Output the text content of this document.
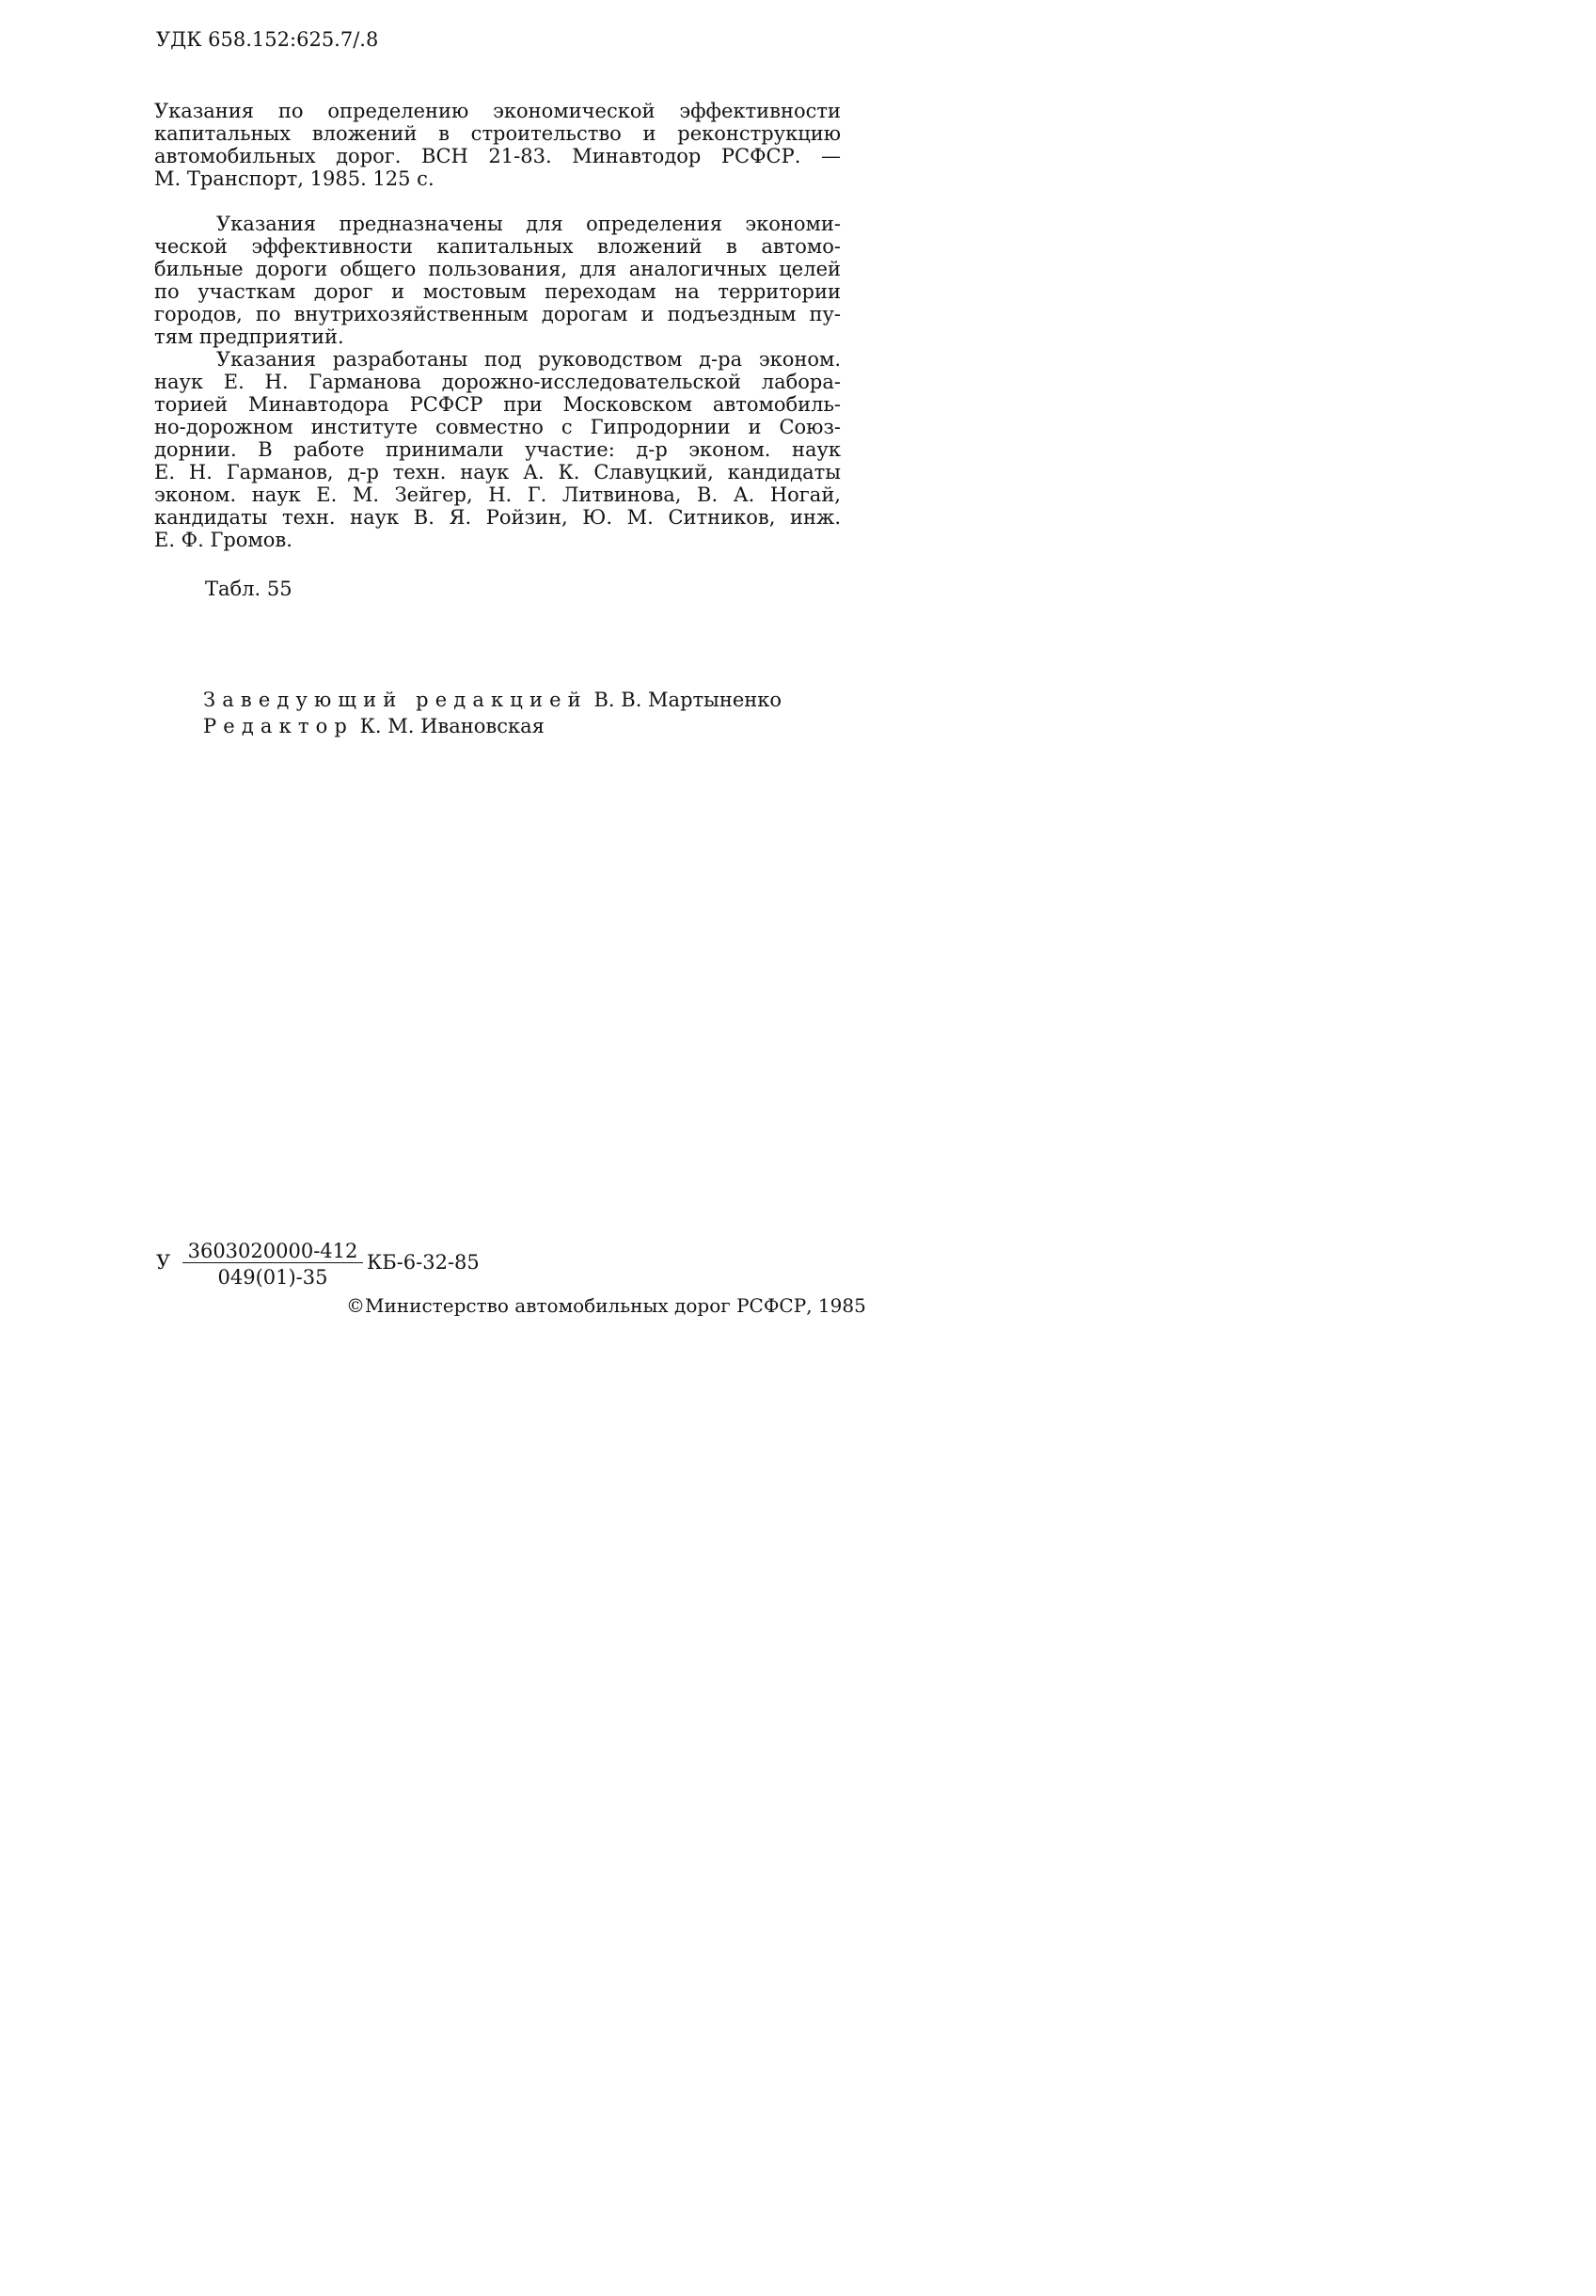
УДК 658.152:625.7/.8
Указания по определению экономической эффективности
капитальных вложений в строительство и реконструкцию
автомобильных дорог. ВСН 21-83. Минавтодор РСФСР. —
М. Транспорт, 1985. 125 с.
Указания предназначены для определения экономи-
ческой эффективности капитальных вложений в автомо-
бильные дороги общего пользования, для аналогичных целей
по участкам дорог и мостовым переходам на территории
городов, по внутрихозяйственным дорогам и подъездным пу-
тям предприятий.
Указания разработаны под руководством д-ра эконом.
наук Е. Н. Гарманова дорожно-исследовательской лабора-
торией Минавтодора РСФСР при Московском автомобиль-
но-дорожном институте совместно с Гипродорнии и Союз-
дорнии. В работе принимали участие: д-р эконом. наук
Е. Н. Гарманов, д-р техн. наук А. К. Славуцкий, кандидаты
эконом. наук Е. М. Зейгер, Н. Г. Литвинова, В. А. Ногай,
кандидаты техн. наук В. Я. Ройзин, Ю. М. Ситников, инж.
Е. Ф. Громов.
Табл. 55
Заведующий редакцией В. В. Мартыненко
Редактор К. М. Ивановская
У 3603020000-412
049(01)-35
КБ-6-32-85
©Министерство автомобильных дорог РСФСР, 1985
